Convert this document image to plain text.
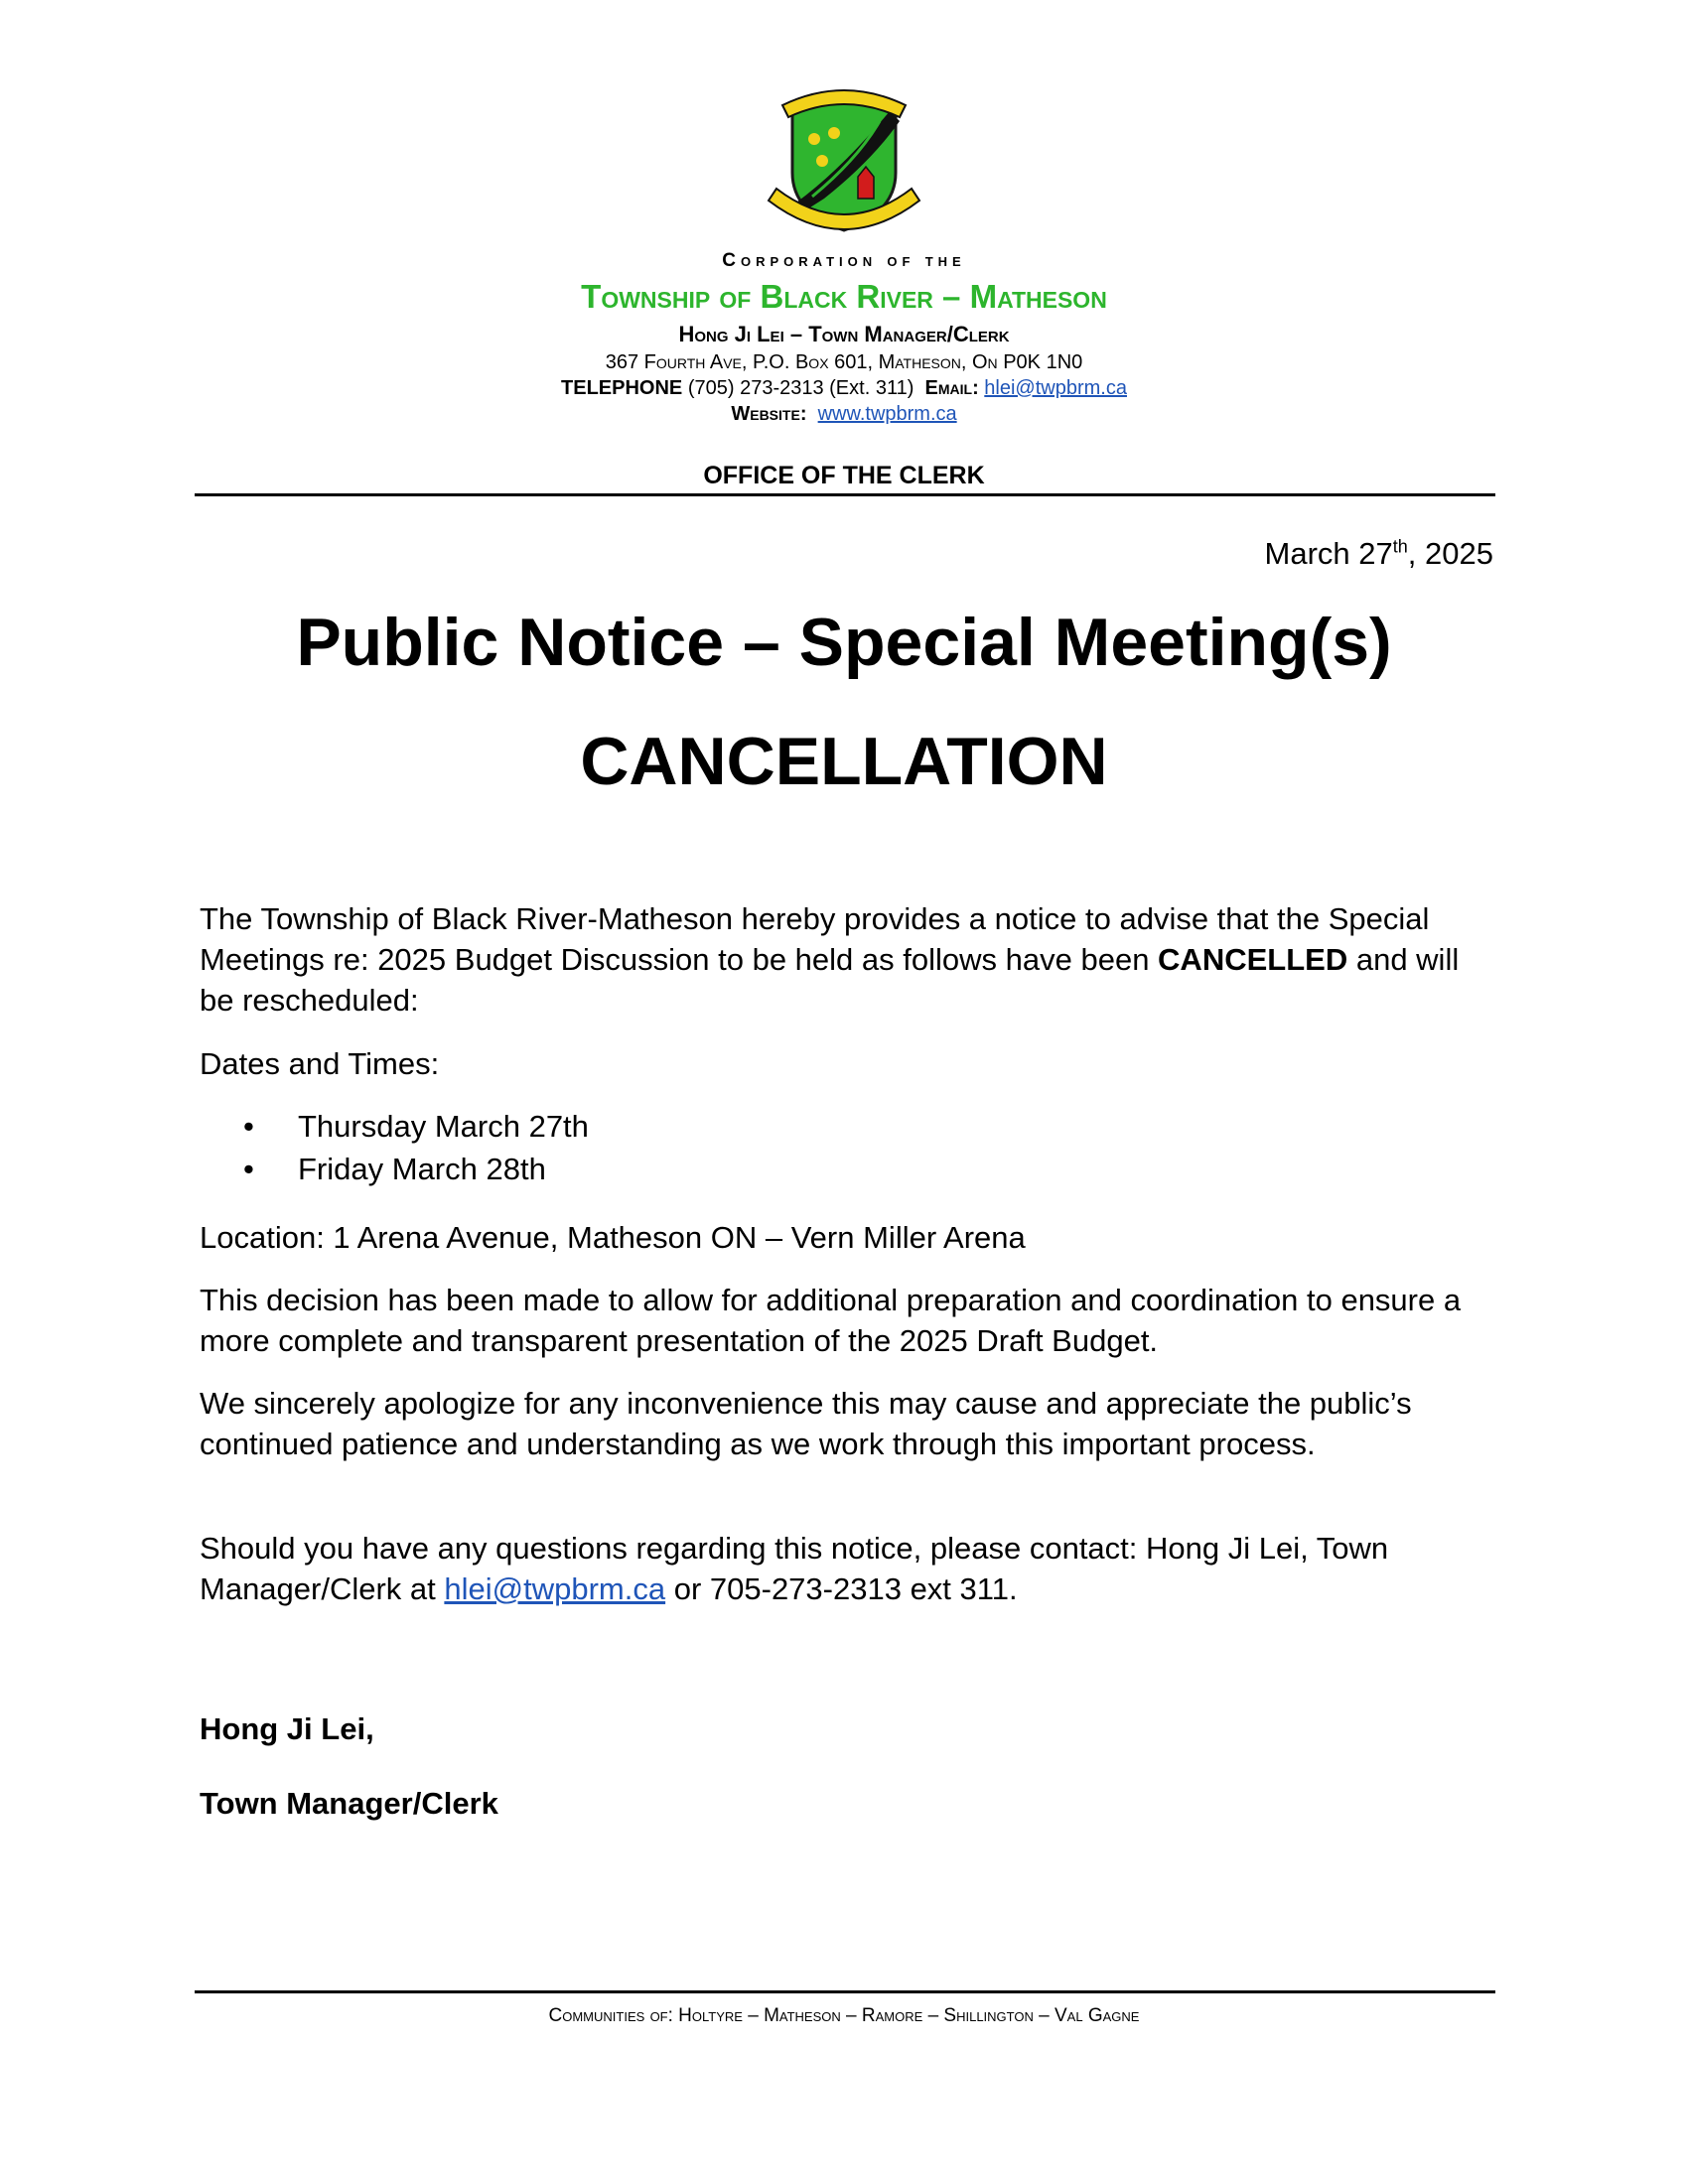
Corporation of the
Township of Black River – Matheson
Hong Ji Lei – Town Manager/Clerk
367 Fourth Ave, P.O. Box 601, Matheson, On P0K 1N0
TELEPHONE (705) 273-2313 (Ext. 311) Email: hlei@twpbrm.ca
Website: www.twpbrm.ca
OFFICE OF THE CLERK
March 27th, 2025
Public Notice – Special Meeting(s)
CANCELLATION

The Township of Black River-Matheson hereby provides a notice to advise that the Special Meetings re: 2025 Budget Discussion to be held as follows have been CANCELLED and will be rescheduled:

Dates and Times:
• Thursday March 27th
• Friday March 28th
Location: 1 Arena Avenue, Matheson ON – Vern Miller Arena
This decision has been made to allow for additional preparation and coordination to ensure a more complete and transparent presentation of the 2025 Draft Budget.
We sincerely apologize for any inconvenience this may cause and appreciate the public’s continued patience and understanding as we work through this important process.

Should you have any questions regarding this notice, please contact: Hong Ji Lei, Town Manager/Clerk at hlei@twpbrm.ca or 705-273-2313 ext 311.

Hong Ji Lei,
Town Manager/Clerk
Communities of: Holtyre – Matheson – Ramore – Shillington – Val Gagne
